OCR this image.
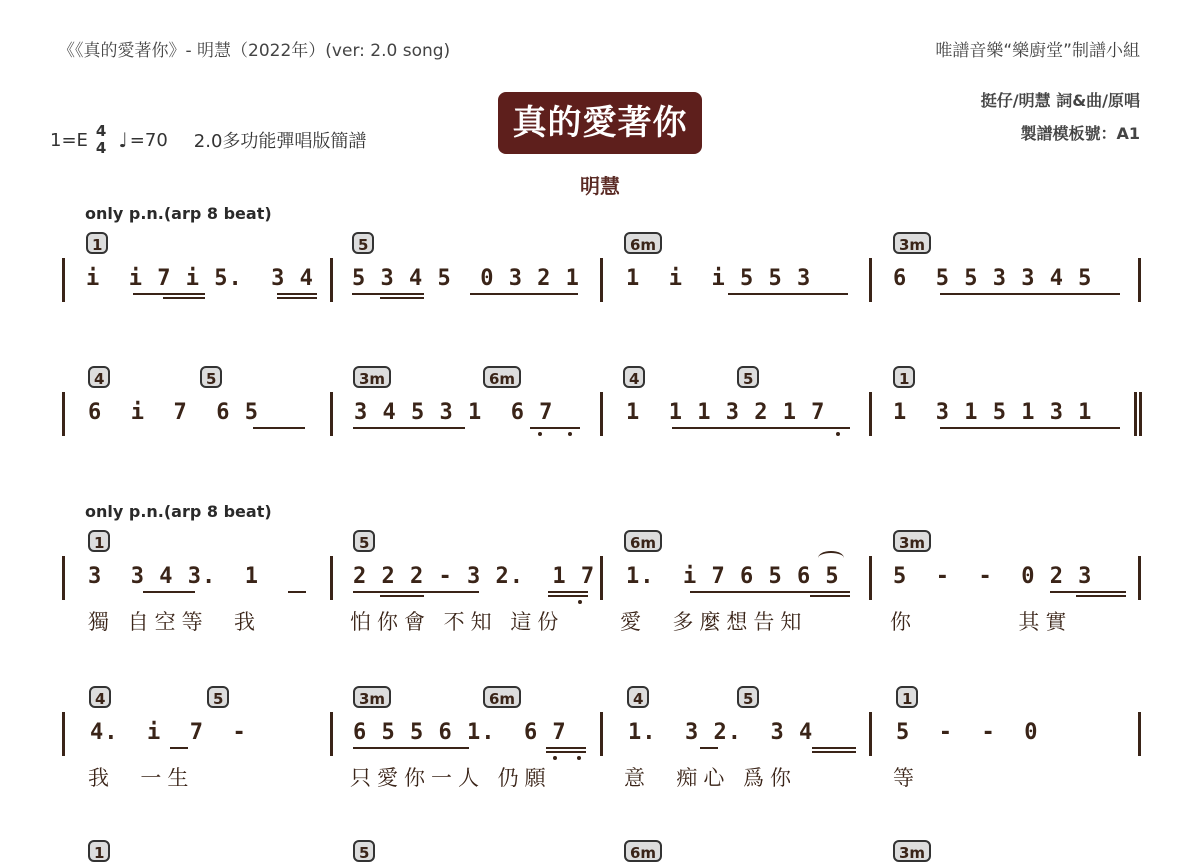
《《真的愛著你》- 明慧（2022年）(ver: 2.0 song)	唯譜音樂“樂廚堂”制譜小組
1=E 4
4 ♩ =70 2.0多功能彈唱版簡譜	真的愛著你
明慧
挺仔/明慧 詞&曲/原唱
製譜模板號：A1
only p.n.(arp 8 beat)
only p.n.(arp 8 beat)
1	5	6m	3m
i  i 7 i 5.  3 4 5 3 4 5  0 3 2 1 1  i  i 5 5 3	6  5 5 3 3 4 5
4	5	3m	6m	4	5	1
6  i  7  6 5	3 4 5 3 1  6 7	1  1 1 3 2 1 7	1  3 1 5 1 3 1
1	5	6m	3m
3  3 4 3.  1	2 2 2 - 3 2.  1 7 1.  i 7 6 5 6 5 5  -  -  0 2 3
獨 自空等  我	怕你會 不知 這份	愛  多麼想告知	你        其實
4	5	3m	6m	4	5	1
4.  i  7  -	6 5 5 6 1.  6 7	1.  3 2.  3 4	5  -  -  0
我  一生	只愛你一人 仍願	意  痴心 爲你	等
1	5	6m	3m
